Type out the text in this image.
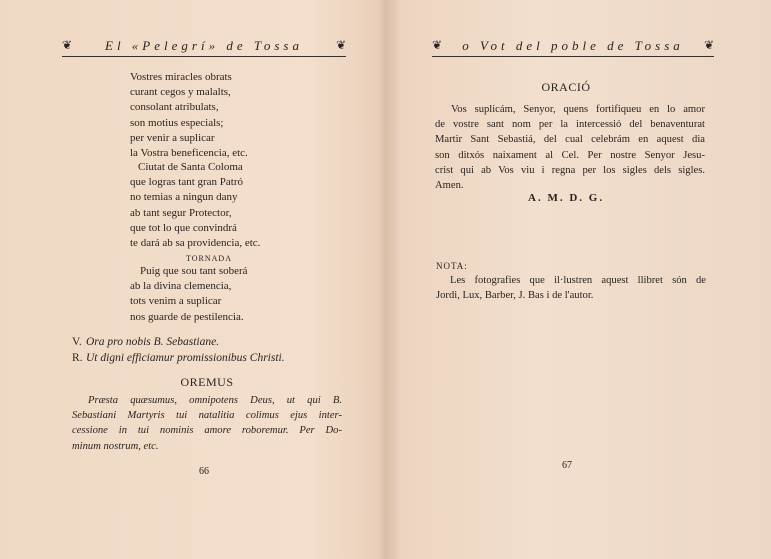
❦	El «Pelegrí» de Tossa	❦
Vostres miracles obrats
curant cegos y malalts,
consolant atribulats,
son motius especials;
per venir a suplicar
la Vostra beneficencia, etc.
Ciutat de Santa Coloma
que logras tant gran Patró
no temias a ningun dany
ab tant segur Protector,
que tot lo que convindrá
te dará ab sa providencia, etc.
TORNADA
Puig que sou tant soberá
ab la divina clemencia,
tots venim a suplicar
nos guarde de pestilencia.
V. Ora pro nobis B. Sebastiane.
R. Ut digni efficiamur promissionibus Christi.
OREMUS
Præsta quæsumus, omnipotens Deus, ut qui B.
Sebastiani Martyris tui natalitia colimus ejus inter-
cessione in tui nominis amore roboremur. Per Do-
minum nostrum, etc.
66
❦ o Vot del poble de Tossa ❦
ORACIÓ
Vos suplicám, Senyor, quens fortifiqueu en lo amor
de vostre sant nom per la intercessió del benaventurat
Martir Sant Sebastiá, del cual celebrám en aquest dia
son ditxós naixament al Cel. Per nostre Senyor Jesu-
crist qui ab Vos viu i regna per los sigles dels sigles.
Amen.
A. M. D. G.
NOTA:
Les fotografies que il·lustren aquest llibret són de
Jordi, Lux, Barber, J. Bas i de l'autor.
67
